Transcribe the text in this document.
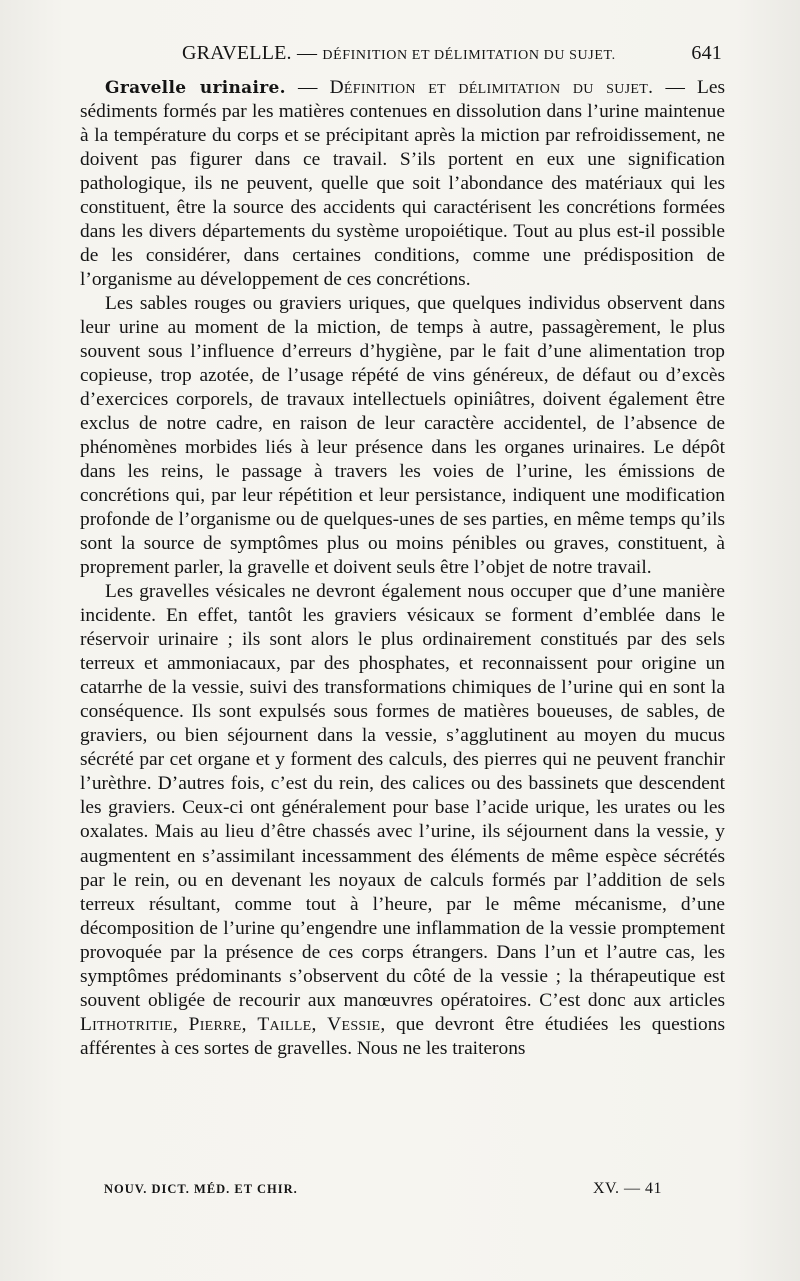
GRAVELLE. — DÉFINITION ET DÉLIMITATION DU SUJET.	641

Gravelle urinaire. — Définition et délimitation du sujet. — Les sédiments formés par les matières contenues en dissolution dans l’urine maintenue à la température du corps et se précipitant après la miction par refroidissement, ne doivent pas figurer dans ce travail. S’ils portent en eux une signification pathologique, ils ne peuvent, quelle que soit l’abondance des matériaux qui les constituent, être la source des accidents qui caractérisent les concrétions formées dans les divers départements du système uropoiétique. Tout au plus est-il possible de les considérer, dans certaines conditions, comme une prédisposition de l’organisme au développement de ces concrétions.

Les sables rouges ou graviers uriques, que quelques individus observent dans leur urine au moment de la miction, de temps à autre, passagèrement, le plus souvent sous l’influence d’erreurs d’hygiène, par le fait d’une alimentation trop copieuse, trop azotée, de l’usage répété de vins généreux, de défaut ou d’excès d’exercices corporels, de travaux intellectuels opiniâtres, doivent également être exclus de notre cadre, en raison de leur caractère accidentel, de l’absence de phénomènes morbides liés à leur présence dans les organes urinaires. Le dépôt dans les reins, le passage à travers les voies de l’urine, les émissions de concrétions qui, par leur répétition et leur persistance, indiquent une modification profonde de l’organisme ou de quelques-unes de ses parties, en même temps qu’ils sont la source de symptômes plus ou moins pénibles ou graves, constituent, à proprement parler, la gravelle et doivent seuls être l’objet de notre travail.

Les gravelles vésicales ne devront également nous occuper que d’une manière incidente. En effet, tantôt les graviers vésicaux se forment d’emblée dans le réservoir urinaire ; ils sont alors le plus ordinairement constitués par des sels terreux et ammoniacaux, par des phosphates, et reconnaissent pour origine un catarrhe de la vessie, suivi des transformations chimiques de l’urine qui en sont la conséquence. Ils sont expulsés sous formes de matières boueuses, de sables, de graviers, ou bien séjournent dans la vessie, s’agglutinent au moyen du mucus sécrété par cet organe et y forment des calculs, des pierres qui ne peuvent franchir l’urèthre. D’autres fois, c’est du rein, des calices ou des bassinets que descendent les graviers. Ceux-ci ont généralement pour base l’acide urique, les urates ou les oxalates. Mais au lieu d’être chassés avec l’urine, ils séjournent dans la vessie, y augmentent en s’assimilant incessamment des éléments de même espèce sécrétés par le rein, ou en devenant les noyaux de calculs formés par l’addition de sels terreux résultant, comme tout à l’heure, par le même mécanisme, d’une décomposition de l’urine qu’engendre une inflammation de la vessie promptement provoquée par la présence de ces corps étrangers. Dans l’un et l’autre cas, les symptômes prédominants s’observent du côté de la vessie ; la thérapeutique est souvent obligée de recourir aux manœuvres opératoires. C’est donc aux articles Lithotritie, Pierre, Taille, Vessie, que devront être étudiées les questions afférentes à ces sortes de gravelles. Nous ne les traiterons

NOUV. DICT. MÉD. ET CHIR.	XV. — 41
